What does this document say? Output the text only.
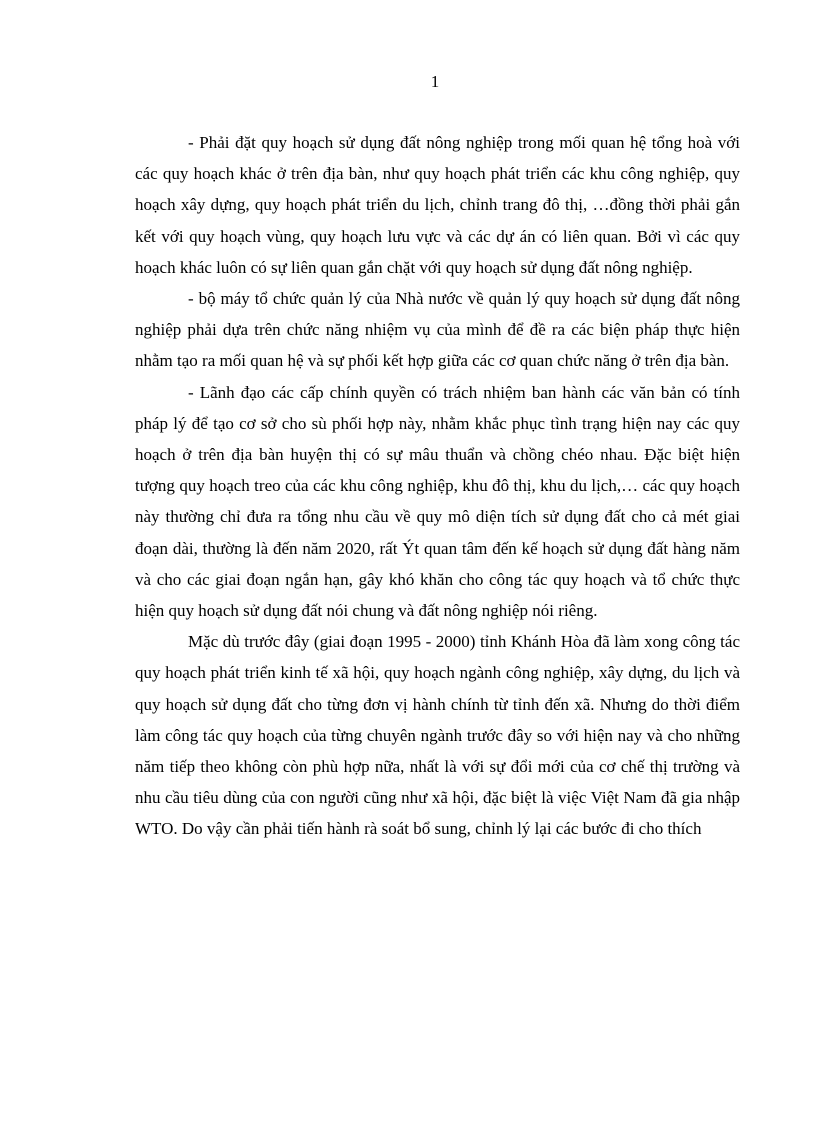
1

- Phải đặt quy hoạch sử dụng đất nông nghiệp trong mối quan hệ tổng hoà với các quy hoạch khác ở trên địa bàn, như quy hoạch phát triển các khu công nghiệp, quy hoạch xây dựng, quy hoạch phát triển du lịch, chỉnh trang đô thị, …đồng thời phải gắn kết với quy hoạch vùng, quy hoạch lưu vực và các dự án có liên quan. Bởi vì các quy hoạch khác luôn có sự liên quan gắn chặt với quy hoạch sử dụng đất nông nghiệp.

- bộ máy tổ chức quản lý của Nhà nước về quản lý quy hoạch sử dụng đất nông nghiệp phải dựa trên chức năng nhiệm vụ của mình để đề ra các biện pháp thực hiện nhằm tạo ra mối quan hệ và sự phối kết hợp giữa các cơ quan chức năng ở trên địa bàn.

- Lãnh đạo các cấp chính quyền có trách nhiệm ban hành các văn bản có tính pháp lý để tạo cơ sở cho sù phối hợp này, nhằm khắc phục tình trạng hiện nay các quy hoạch ở trên địa bàn huyện thị có sự mâu thuẩn và chồng chéo nhau. Đặc biệt hiện tượng quy hoạch treo của các khu công nghiệp, khu đô thị, khu du lịch,… các quy hoạch này thường chỉ đưa ra tổng nhu cầu về quy mô diện tích sử dụng đất cho cả mét giai đoạn dài, thường là đến năm 2020, rất Ýt quan tâm đến kế hoạch sử dụng đất hàng năm và cho các giai đoạn ngắn hạn, gây khó khăn cho công tác quy hoạch và tổ chức thực hiện quy hoạch sử dụng đất nói chung và đất nông nghiệp nói riêng.

Mặc dù trước đây (giai đoạn 1995 - 2000) tỉnh Khánh Hòa đã làm xong công tác quy hoạch phát triển kinh tế xã hội, quy hoạch ngành công nghiệp, xây dựng, du lịch và quy hoạch sử dụng đất cho từng đơn vị hành chính từ tỉnh đến xã. Nhưng do thời điểm làm công tác quy hoạch của từng chuyên ngành trước đây so với hiện nay và cho những năm tiếp theo không còn phù hợp nữa, nhất là với sự đổi mới của cơ chế thị trường và nhu cầu tiêu dùng của con người cũng như xã hội, đặc biệt là việc Việt Nam đã gia nhập WTO. Do vậy cần phải tiến hành rà soát bổ sung, chỉnh lý lại các bước đi cho thích
